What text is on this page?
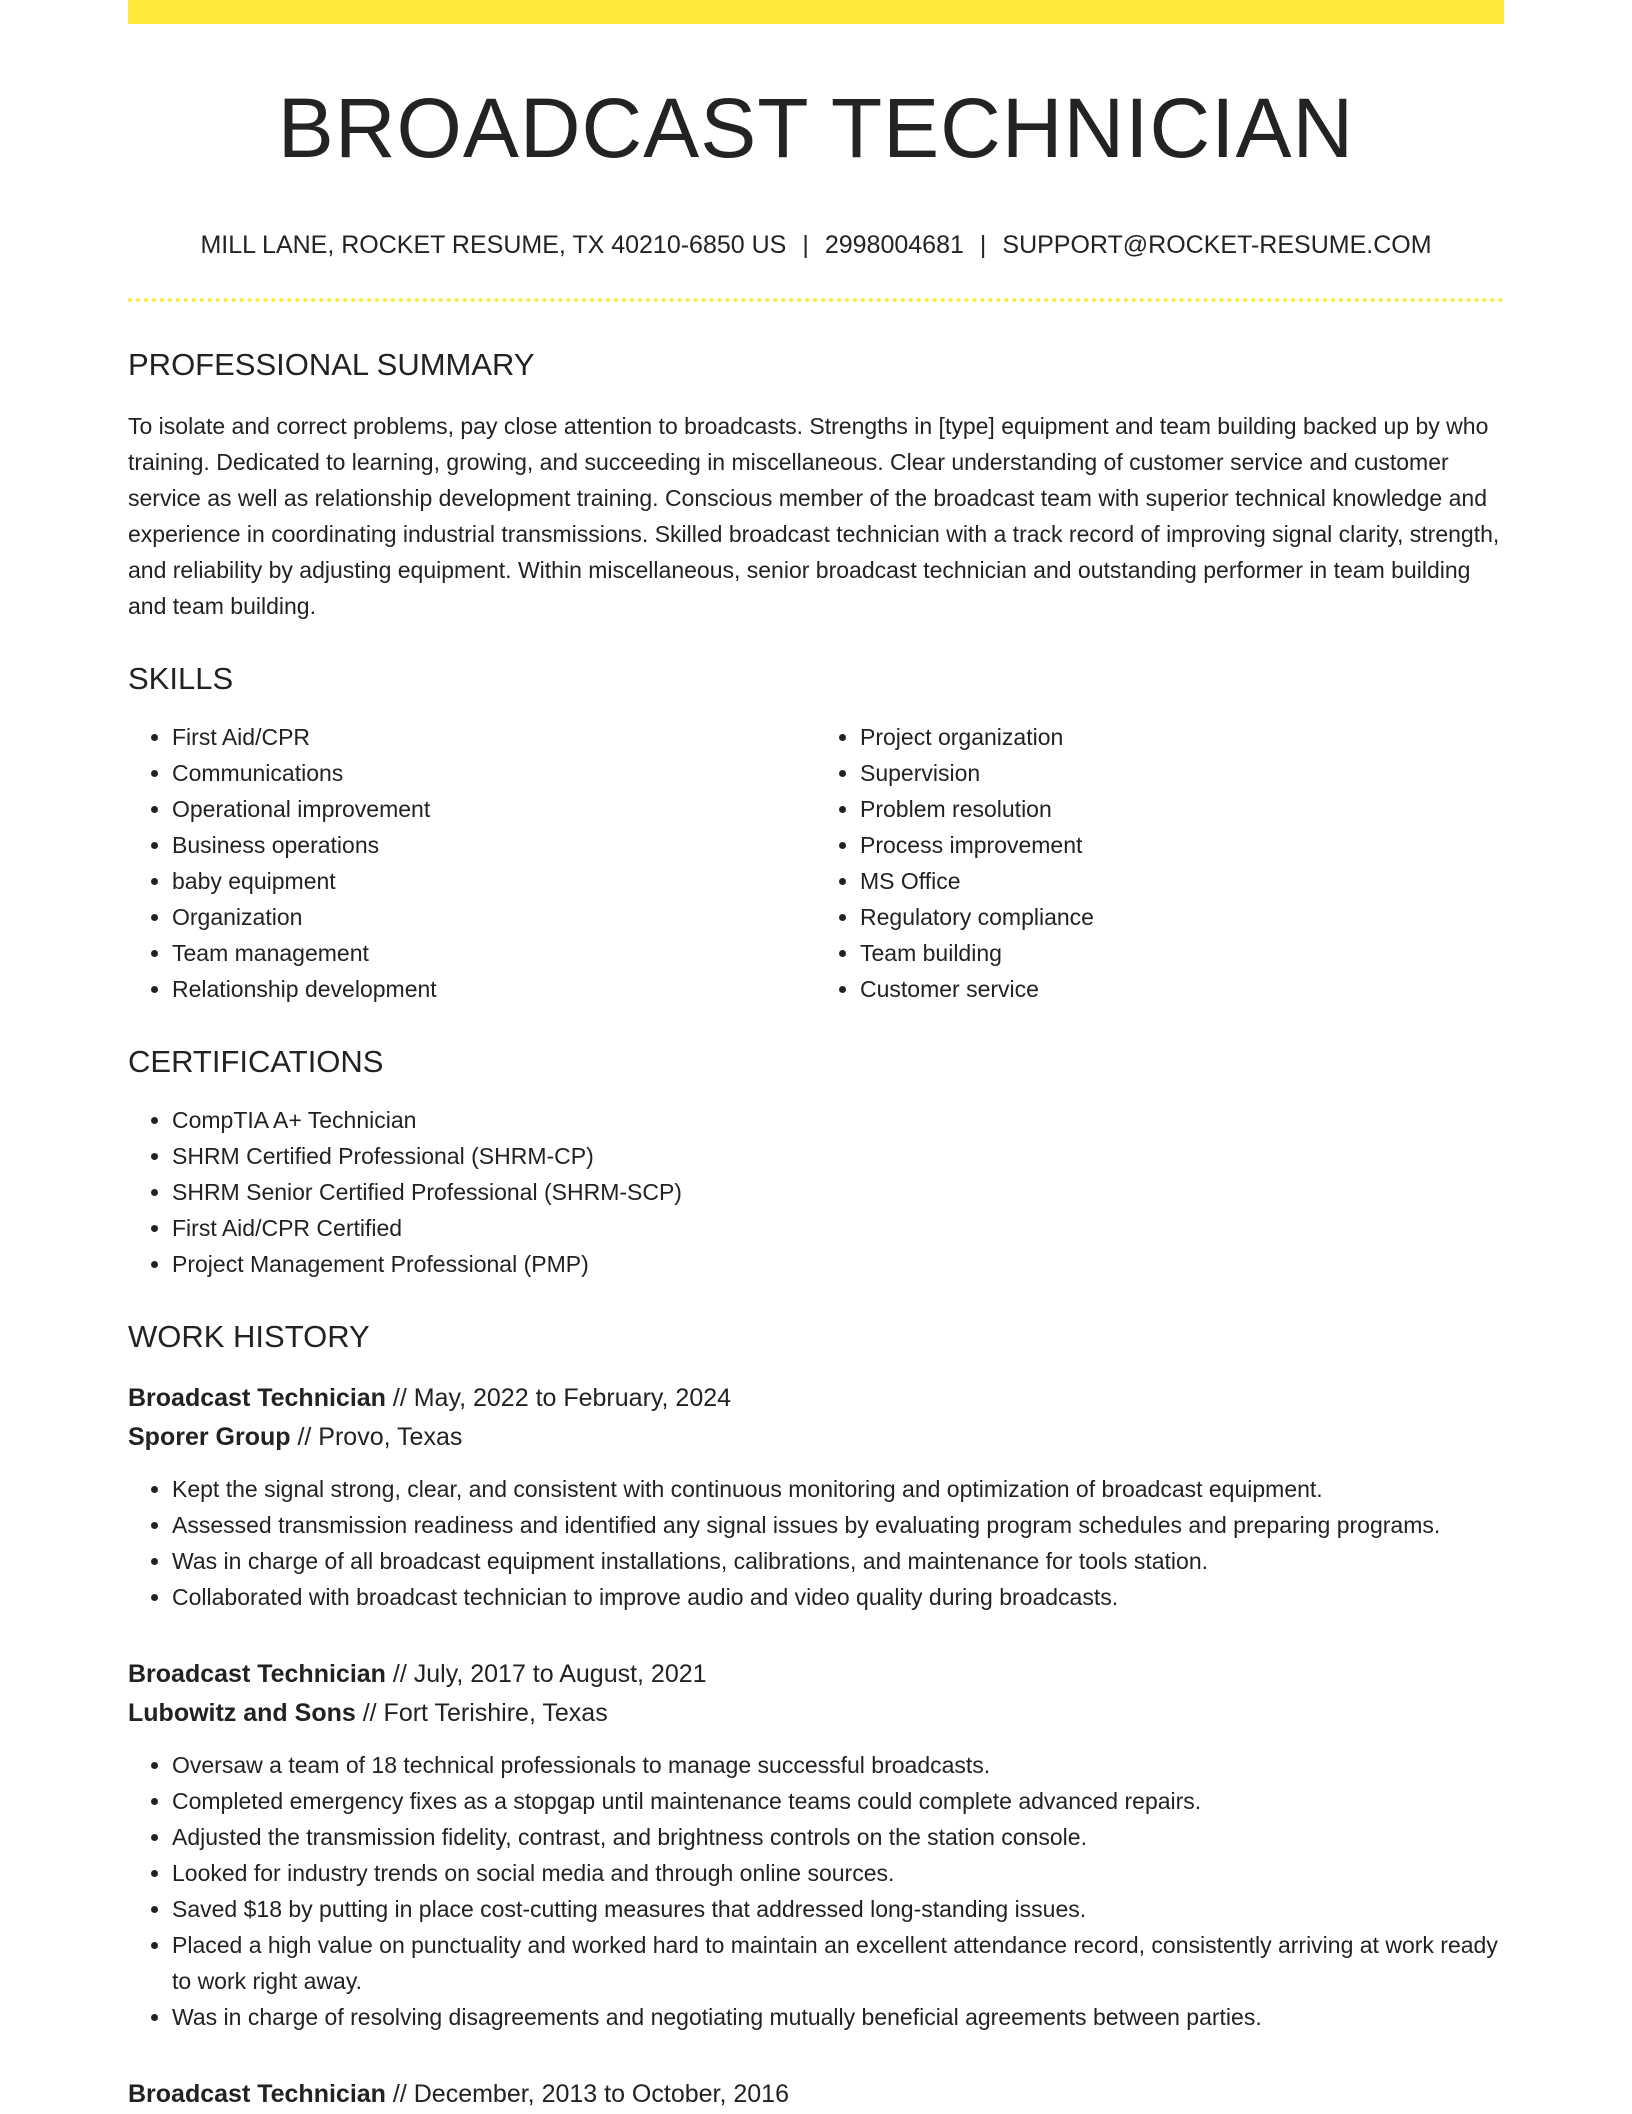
BROADCAST TECHNICIAN
MILL LANE, ROCKET RESUME, TX 40210-6850 US | 2998004681 | SUPPORT@ROCKET-RESUME.COM
PROFESSIONAL SUMMARY

To isolate and correct problems, pay close attention to broadcasts. Strengths in [type] equipment and team building backed up by who training. Dedicated to learning, growing, and succeeding in miscellaneous. Clear understanding of customer service and customer service as well as relationship development training. Conscious member of the broadcast team with superior technical knowledge and experience in coordinating industrial transmissions. Skilled broadcast technician with a track record of improving signal clarity, strength, and reliability by adjusting equipment. Within miscellaneous, senior broadcast technician and outstanding performer in team building and team building.

SKILLS
• First Aid/CPR
• Communications
• Operational improvement
• Business operations
• baby equipment
• Organization
• Team management
• Relationship development
• Project organization
• Supervision
• Problem resolution
• Process improvement
• MS Office
• Regulatory compliance
• Team building
• Customer service
CERTIFICATIONS
• CompTIA A+ Technician
• SHRM Certified Professional (SHRM-CP)
• SHRM Senior Certified Professional (SHRM-SCP)
• First Aid/CPR Certified
• Project Management Professional (PMP)
WORK HISTORY
Broadcast Technician // May, 2022 to February, 2024
Sporer Group // Provo, Texas
• Kept the signal strong, clear, and consistent with continuous monitoring and optimization of broadcast equipment.
• Assessed transmission readiness and identified any signal issues by evaluating program schedules and preparing programs.
• Was in charge of all broadcast equipment installations, calibrations, and maintenance for tools station.
• Collaborated with broadcast technician to improve audio and video quality during broadcasts.
Broadcast Technician // July, 2017 to August, 2021
Lubowitz and Sons // Fort Terishire, Texas
• Oversaw a team of 18 technical professionals to manage successful broadcasts.
• Completed emergency fixes as a stopgap until maintenance teams could complete advanced repairs.
• Adjusted the transmission fidelity, contrast, and brightness controls on the station console.
• Looked for industry trends on social media and through online sources.
• Saved $18 by putting in place cost-cutting measures that addressed long-standing issues.
• Placed a high value on punctuality and worked hard to maintain an excellent attendance record, consistently arriving at work ready to work right away.
• Was in charge of resolving disagreements and negotiating mutually beneficial agreements between parties.
Broadcast Technician // December, 2013 to October, 2016
